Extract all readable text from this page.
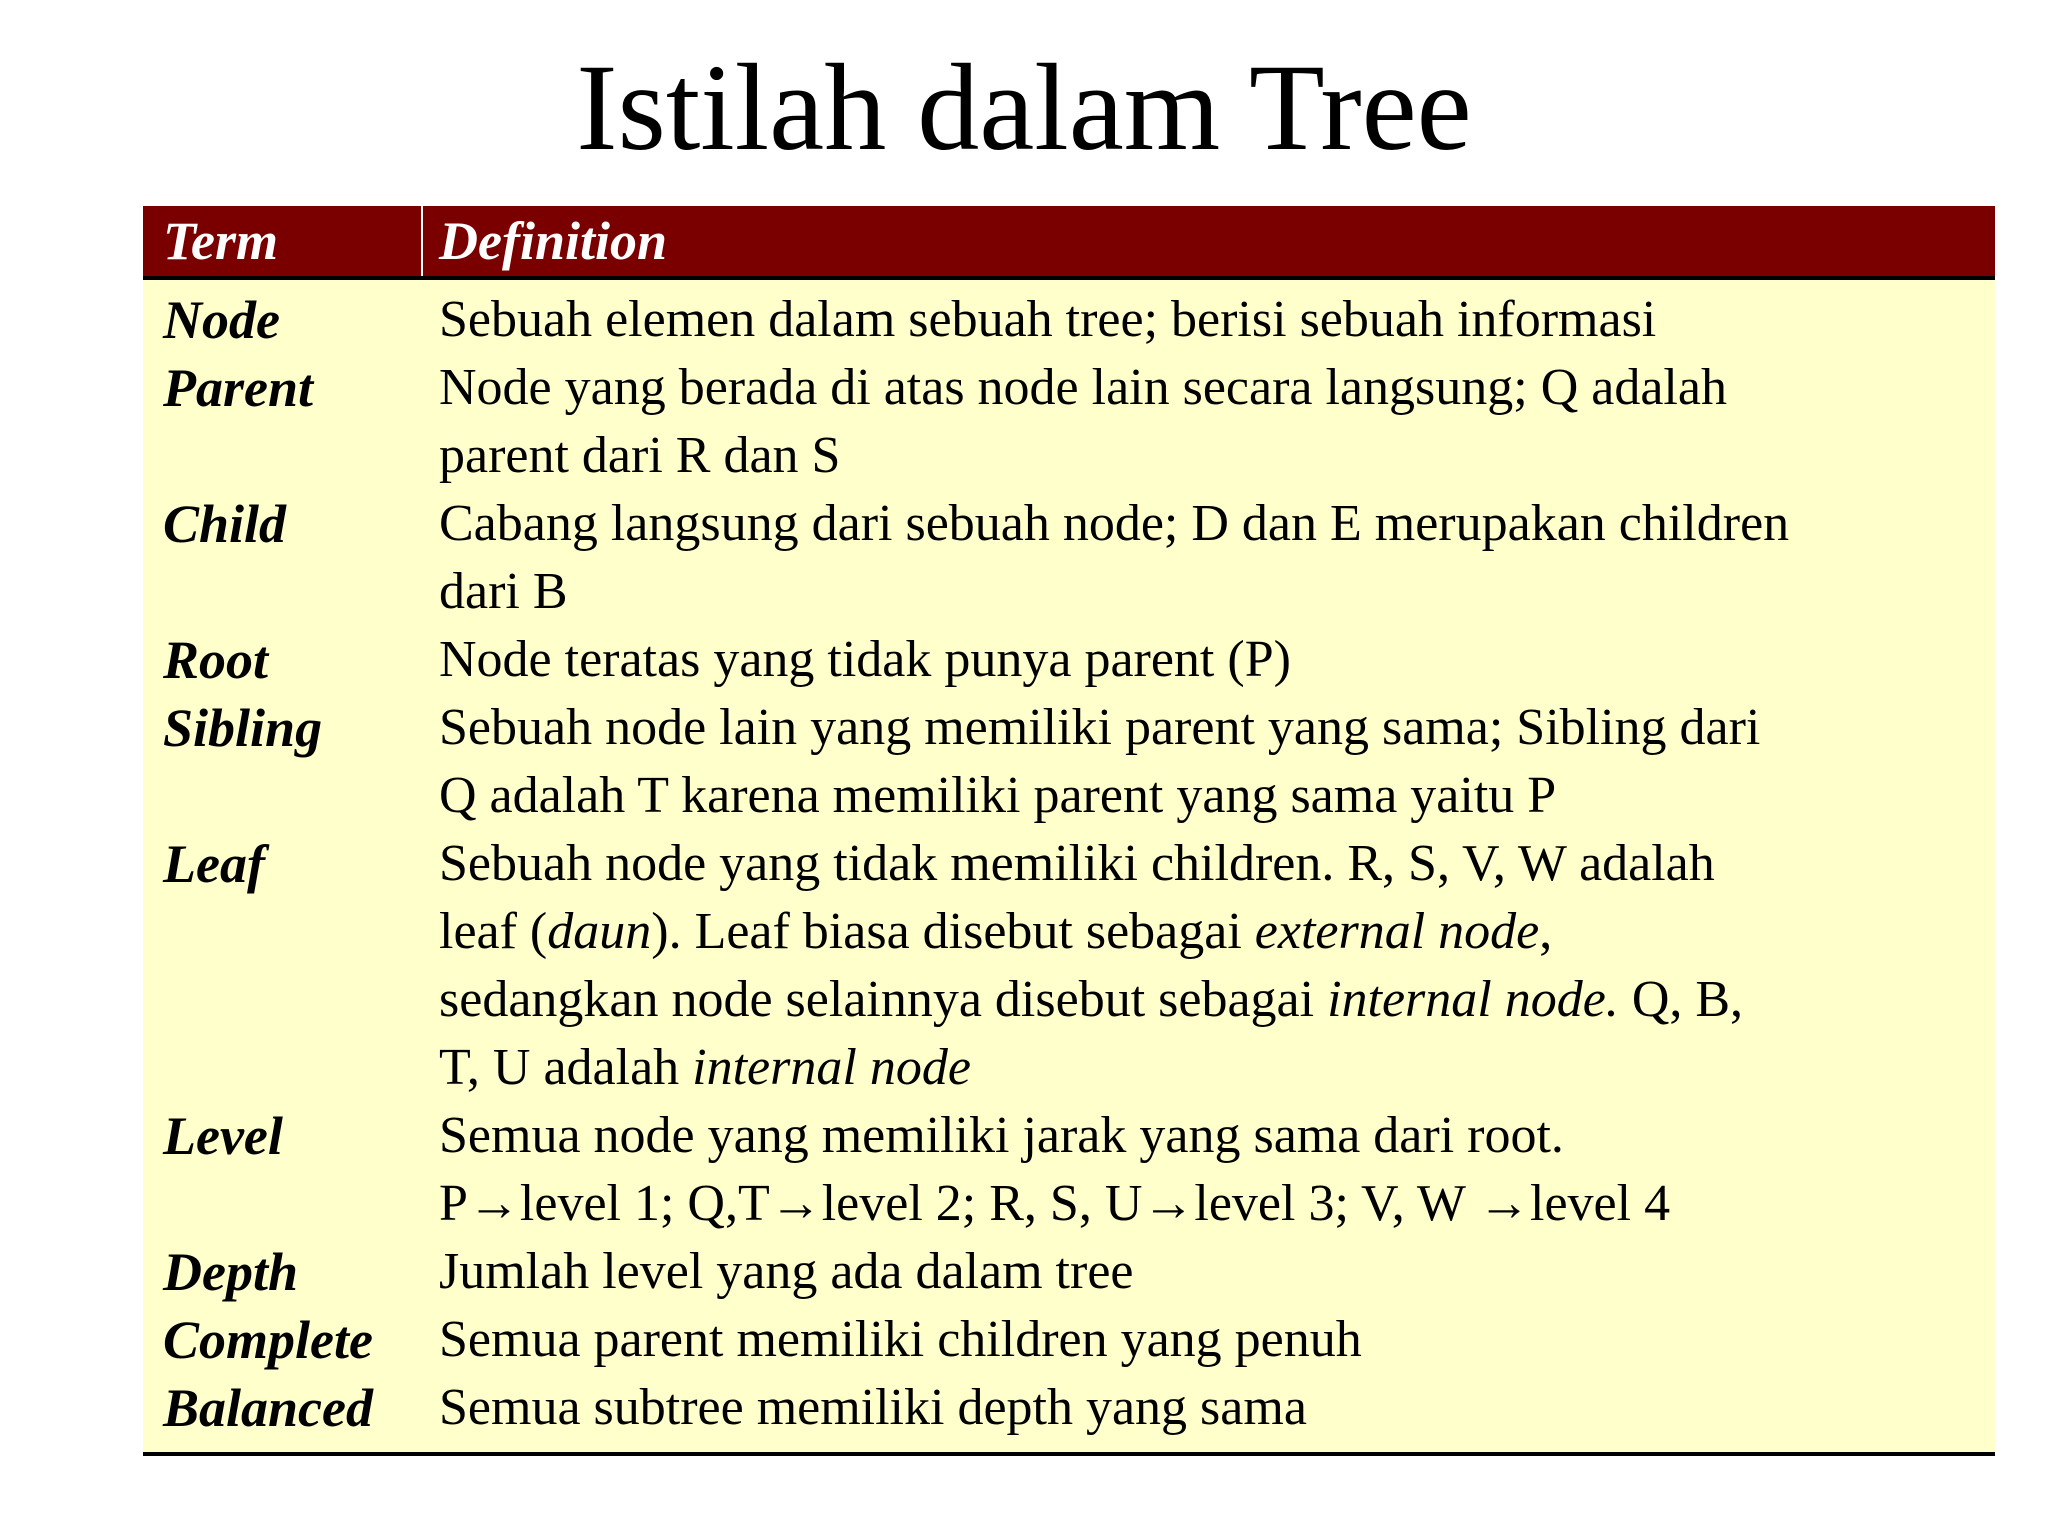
Istilah dalam Tree
Term	Definition
Node	Sebuah elemen dalam sebuah tree; berisi sebuah informasi
Parent	Node yang berada di atas node lain secara langsung; Q adalah
parent dari R dan S
Child	Cabang langsung dari sebuah node; D dan E merupakan children
dari B
Root	Node teratas yang tidak punya parent (P)
Sibling	Sebuah node lain yang memiliki parent yang sama; Sibling dari
Q adalah T karena memiliki parent yang sama yaitu P
Leaf	Sebuah node yang tidak memiliki children. R, S, V, W adalah
leaf (daun). Leaf biasa disebut sebagai external node,
sedangkan node selainnya disebut sebagai internal node. Q, B,
T, U adalah internal node
Level	Semua node yang memiliki jarak yang sama dari root.
P→level 1; Q,T→level 2; R, S, U→level 3; V, W →level 4
Depth	Jumlah level yang ada dalam tree
Complete	Semua parent memiliki children yang penuh
Balanced	Semua subtree memiliki depth yang sama
